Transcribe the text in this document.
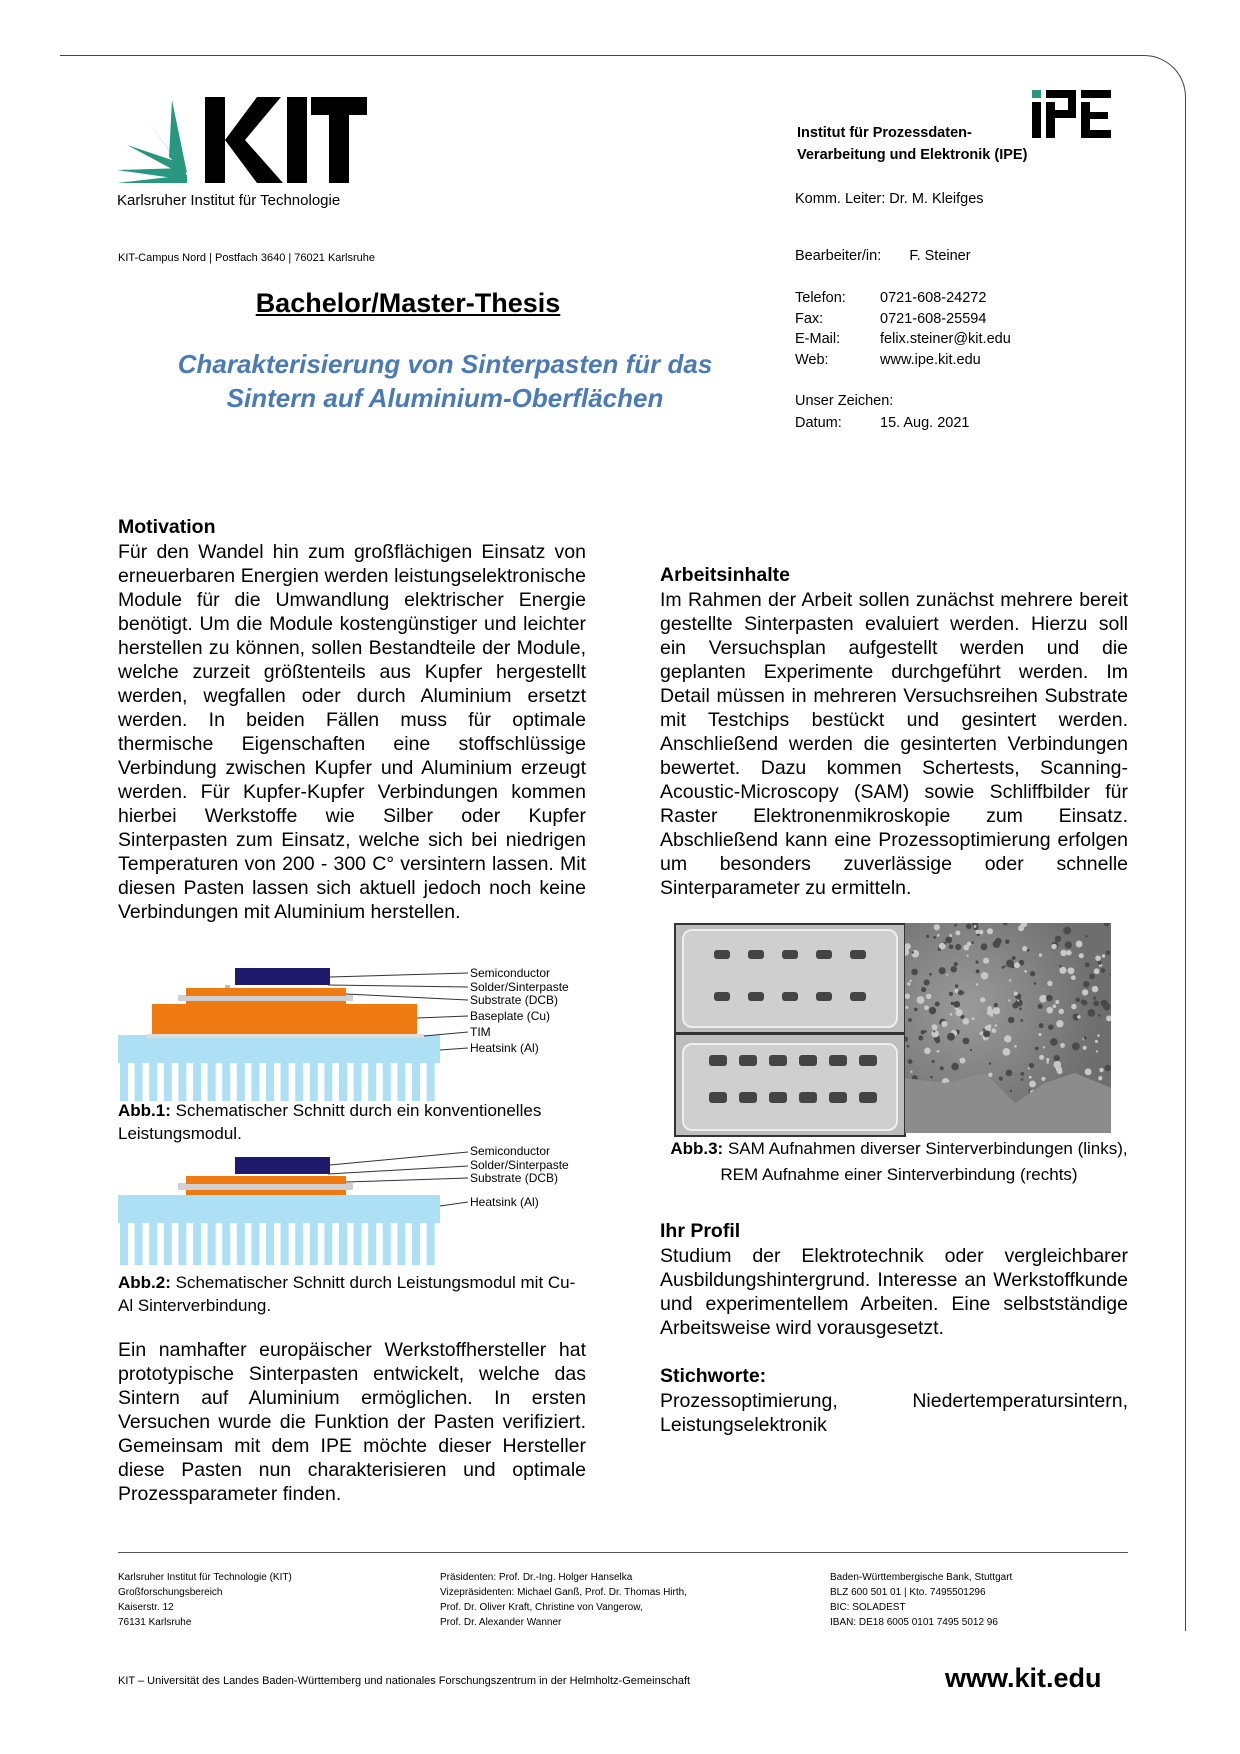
Karlsruher Institut für Technologie
Institut für Prozessdaten-
Verarbeitung und Elektronik (IPE)
Komm. Leiter: Dr. M. Kleifges
KIT-Campus Nord | Postfach 3640 | 76021 Karlsruhe	Bearbeiter/in: F. Steiner
Telefon:	0721-608-24272
Fax:	0721-608-25594
E-Mail:	felix.steiner@kit.edu
Web:	www.ipe.kit.edu
Unser Zeichen:
Datum:	15. Aug. 2021
Bachelor/Master-Thesis
Charakterisierung von Sinterpasten für das
Sintern auf Aluminium-Oberflächen
Motivation
Für den Wandel hin zum großflächigen Einsatz von erneuerbaren Energien werden leistungselektronische Module für die Umwandlung elektrischer Energie benötigt. Um die Module kostengünstiger und leichter herstellen zu können, sollen Bestandteile der Module, welche zurzeit größtenteils aus Kupfer hergestellt werden, wegfallen oder durch Aluminium ersetzt werden. In beiden Fällen muss für optimale thermische Eigenschaften eine stoffschlüssige Verbindung zwischen Kupfer und Aluminium erzeugt werden. Für Kupfer-Kupfer Verbindungen kommen hierbei Werkstoffe wie Silber oder Kupfer Sinterpasten zum Einsatz, welche sich bei niedrigen Temperaturen von 200 - 300 C° versintern lassen. Mit diesen Pasten lassen sich aktuell jedoch noch keine Verbindungen mit Aluminium herstellen.
Semiconductor
Solder/Sinterpaste
Substrate (DCB)
Baseplate (Cu)
TIM
Heatsink (Al)
Abb.1: Schematischer Schnitt durch ein konventionelles Leistungsmodul.
Semiconductor
Solder/Sinterpaste
Substrate (DCB)
Heatsink (Al)
Abb.2: Schematischer Schnitt durch Leistungsmodul mit Cu-Al Sinterverbindung.
Ein namhafter europäischer Werkstoffhersteller hat prototypische Sinterpasten entwickelt, welche das Sintern auf Aluminium ermöglichen. In ersten Versuchen wurde die Funktion der Pasten verifiziert. Gemeinsam mit dem IPE möchte dieser Hersteller diese Pasten nun charakterisieren und optimale Prozessparameter finden.
Arbeitsinhalte
Im Rahmen der Arbeit sollen zunächst mehrere bereit gestellte Sinterpasten evaluiert werden. Hierzu soll ein Versuchsplan aufgestellt werden und die geplanten Experimente durchgeführt werden. Im Detail müssen in mehreren Versuchsreihen Substrate mit Testchips bestückt und gesintert werden. Anschließend werden die gesinterten Verbindungen bewertet. Dazu kommen Schertests, Scanning-Acoustic-Microscopy (SAM) sowie Schliffbilder für Raster Elektronenmikroskopie zum Einsatz. Abschließend kann eine Prozessoptimierung erfolgen um besonders zuverlässige oder schnelle Sinterparameter zu ermitteln.
Abb.3: SAM Aufnahmen diverser Sinterverbindungen (links), REM Aufnahme einer Sinterverbindung (rechts)
Ihr Profil
Studium der Elektrotechnik oder vergleichbarer Ausbildungshintergrund. Interesse an Werkstoffkunde und experimentellem Arbeiten. Eine selbstständige Arbeitsweise wird vorausgesetzt.
Stichworte:
Prozessoptimierung,	Niedertemperatursintern,
Leistungselektronik
Karlsruher Institut für Technologie (KIT)
Großforschungsbereich
Kaiserstr. 12
76131 Karlsruhe
Präsidenten: Prof. Dr.-Ing. Holger Hanselka
Vizepräsidenten: Michael Ganß, Prof. Dr. Thomas Hirth,
Prof. Dr. Oliver Kraft, Christine von Vangerow,
Prof. Dr. Alexander Wanner
Baden-Württembergische Bank, Stuttgart
BLZ 600 501 01 | Kto. 7495501296
BIC: SOLADEST
IBAN: DE18 6005 0101 7495 5012 96
KIT – Universität des Landes Baden-Württemberg und nationales Forschungszentrum in der Helmholtz-Gemeinschaft	www.kit.edu
